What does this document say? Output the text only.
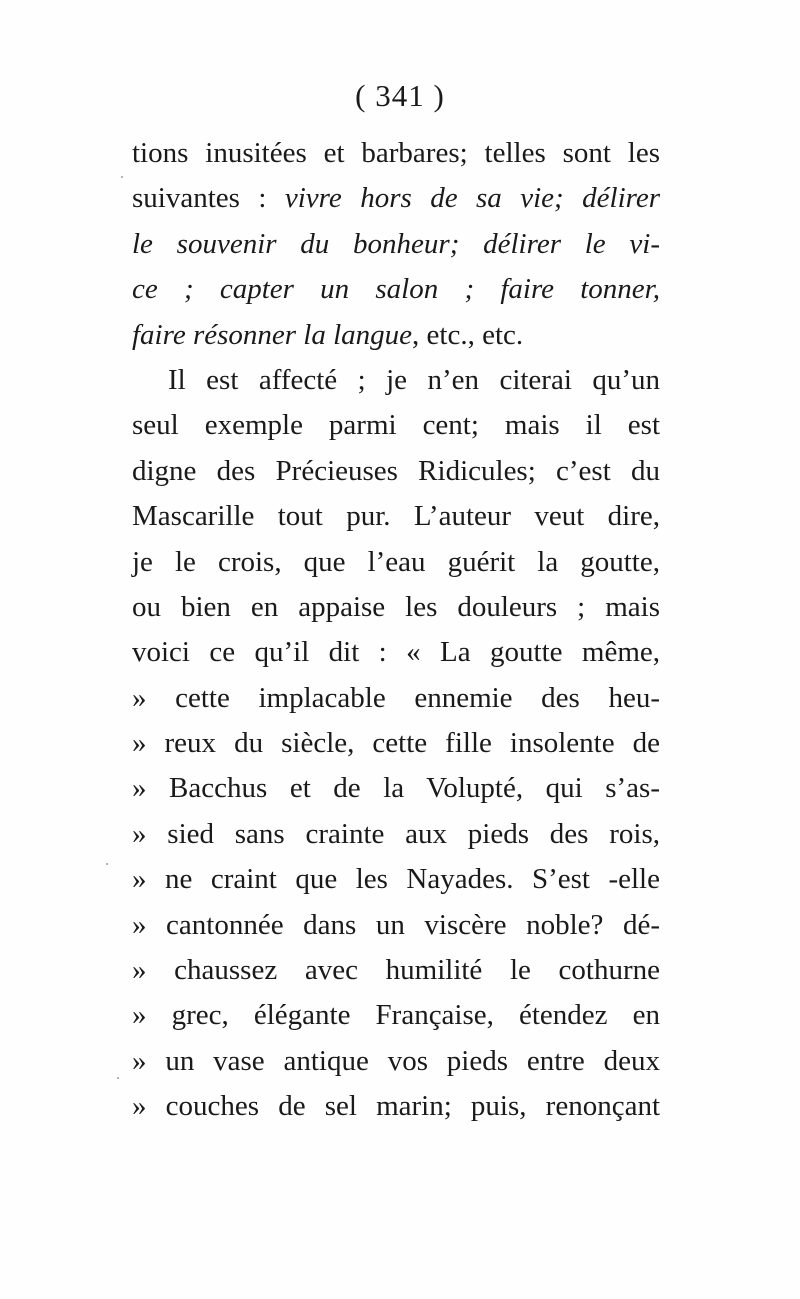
( 341 )
tions inusitées et barbares; telles sont les
suivantes : vivre hors de sa vie; délirer
le souvenir du bonheur; délirer le vi-
ce ; capter un salon ; faire tonner,
faire résonner la langue, etc., etc.
Il est affecté ; je n’en citerai qu’un
seul exemple parmi cent; mais il est
digne des Précieuses Ridicules; c’est du
Mascarille tout pur. L’auteur veut dire,
je le crois, que l’eau guérit la goutte,
ou bien en appaise les douleurs ; mais
voici ce qu’il dit : « La goutte même,
» cette implacable ennemie des heu-
» reux du siècle, cette fille insolente de
» Bacchus et de la Volupté, qui s’as-
» sied sans crainte aux pieds des rois,
» ne craint que les Nayades. S’est -elle
» cantonnée dans un viscère noble? dé-
» chaussez avec humilité le cothurne
» grec, élégante Française, étendez en
» un vase antique vos pieds entre deux
» couches de sel marin; puis, renonçant
